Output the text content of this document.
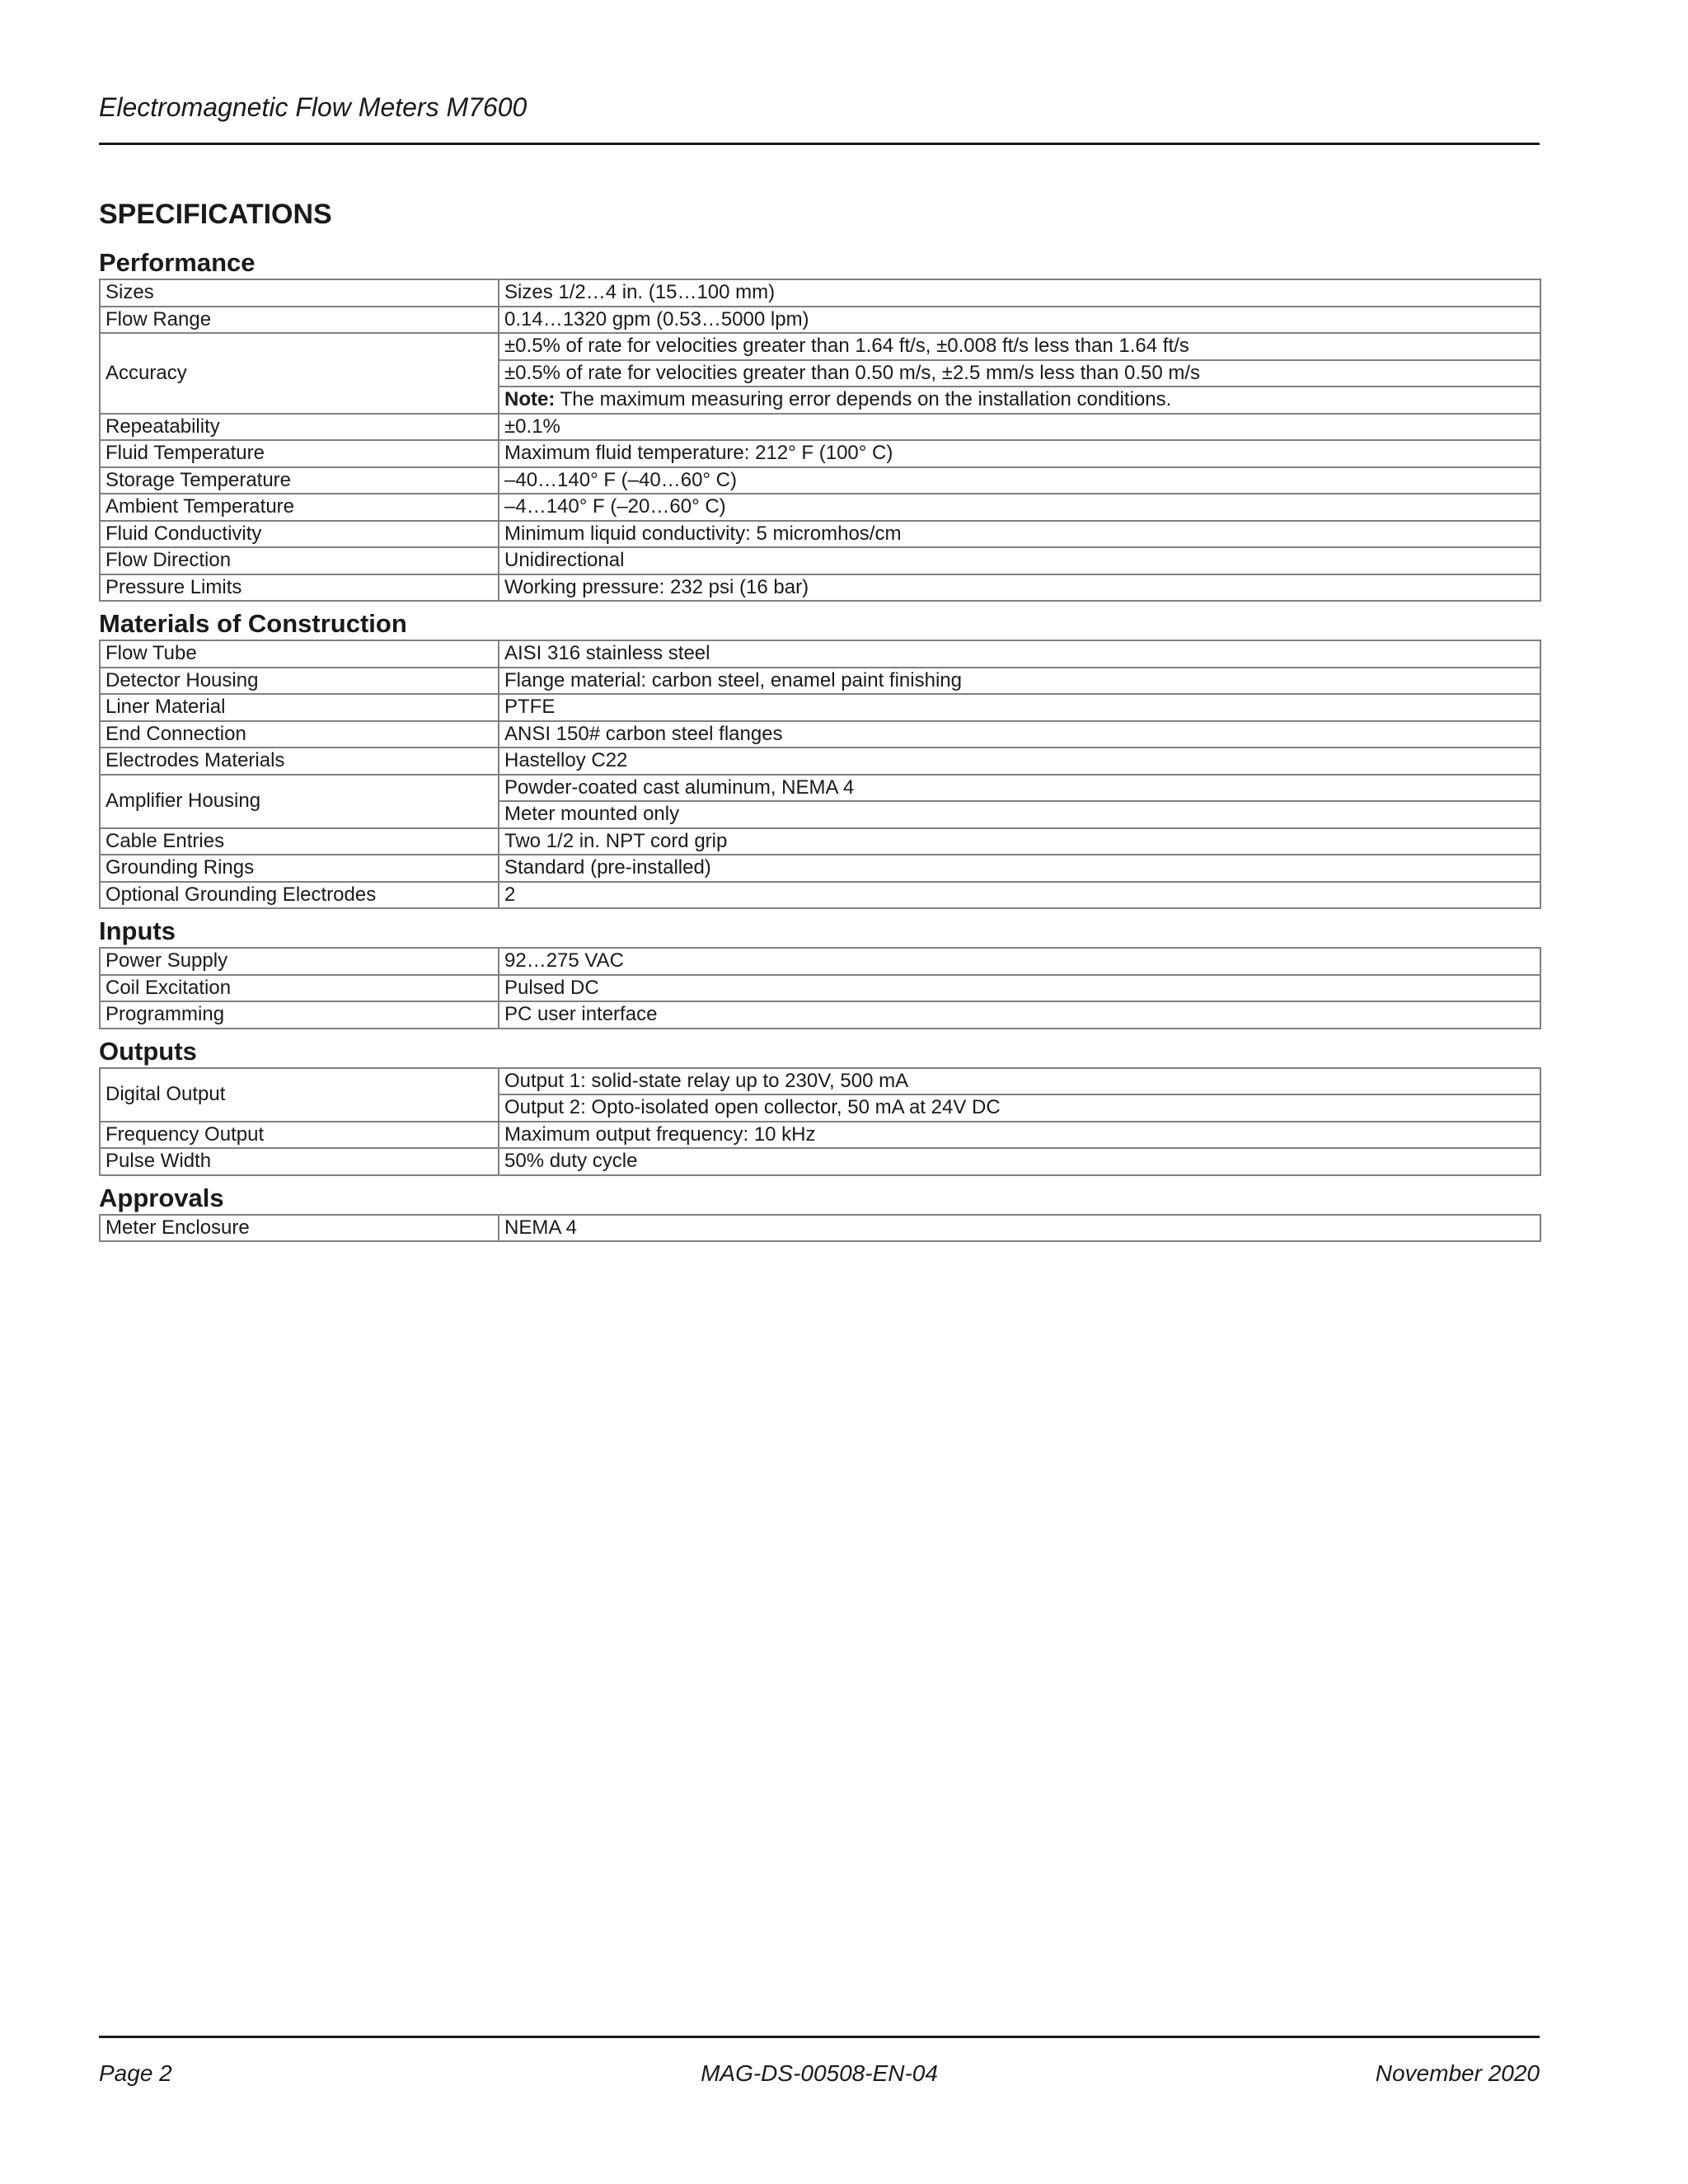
Electromagnetic Flow Meters M7600
SPECIFICATIONS
Performance
Sizes	Sizes 1/2…4 in. (15…100 mm)
Flow Range	0.14…1320 gpm (0.53…5000 lpm)
Accuracy	±0.5% of rate for velocities greater than 1.64 ft/s, ±0.008 ft/s less than 1.64 ft/s
	±0.5% of rate for velocities greater than 0.50 m/s, ±2.5 mm/s less than 0.50 m/s
	Note: The maximum measuring error depends on the installation conditions.
Repeatability	±0.1%
Fluid Temperature	Maximum fluid temperature: 212° F (100° C)
Storage Temperature	–40…140° F (–40…60° C)
Ambient Temperature	–4…140° F (–20…60° C)
Fluid Conductivity	Minimum liquid conductivity: 5 micromhos/cm
Flow Direction	Unidirectional
Pressure Limits	Working pressure: 232 psi (16 bar)
Materials of Construction
Flow Tube	AISI 316 stainless steel
Detector Housing	Flange material: carbon steel, enamel paint finishing
Liner Material	PTFE
End Connection	ANSI 150# carbon steel flanges
Electrodes Materials	Hastelloy C22
Amplifier Housing	Powder-coated cast aluminum, NEMA 4
	Meter mounted only
Cable Entries	Two 1/2 in. NPT cord grip
Grounding Rings	Standard (pre-installed)
Optional Grounding Electrodes	2
Inputs
Power Supply	92…275 VAC
Coil Excitation	Pulsed DC
Programming	PC user interface
Outputs
Digital Output	Output 1: solid-state relay up to 230V, 500 mA
	Output 2: Opto-isolated open collector, 50 mA at 24V DC
Frequency Output	Maximum output frequency: 10 kHz
Pulse Width	50% duty cycle
Approvals
Meter Enclosure	NEMA 4
Page 2	MAG-DS-00508-EN-04	November 2020
